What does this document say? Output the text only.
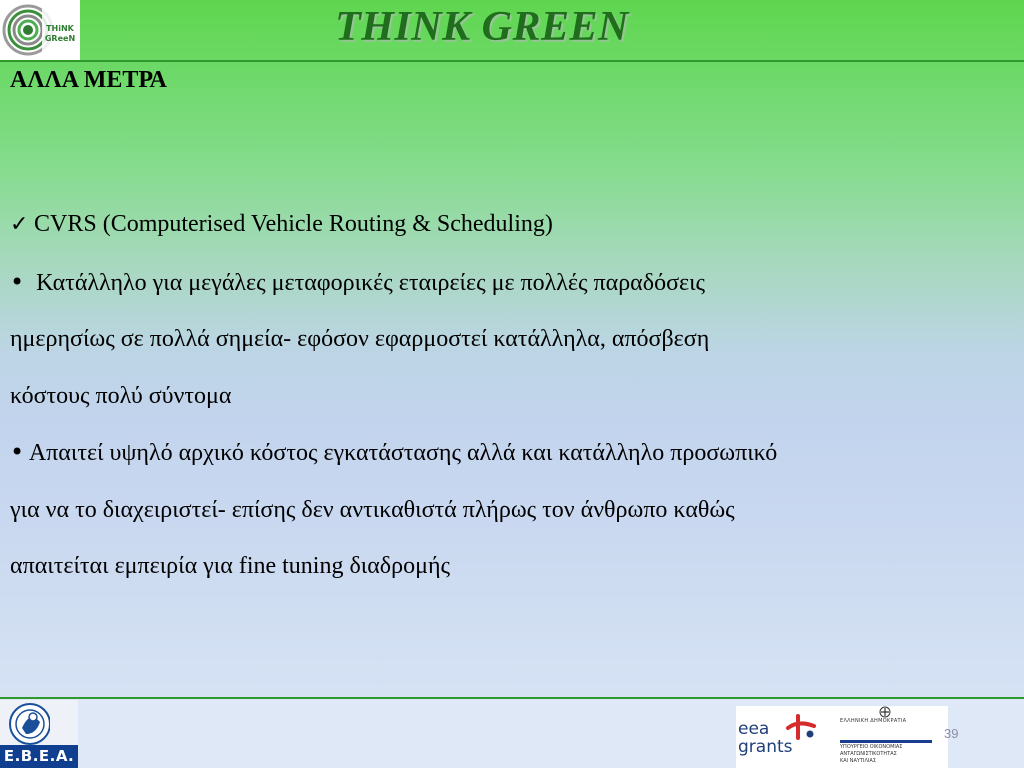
THiNK
GReeN	THINK GREEN
ΑΛΛΑ ΜΕΤΡΑ

✓ CVRS (Computerised Vehicle Routing & Scheduling)

• Κατάλληλο για μεγάλες μεταφορικές εταιρείες με πολλές παραδόσεις

ημερησίως σε πολλά σημεία- εφόσον εφαρμοστεί κατάλληλα, απόσβεση

κόστους πολύ σύντομα

• Απαιτεί υψηλό αρχικό κόστος εγκατάστασης αλλά και κατάλληλο προσωπικό

για να το διαχειριστεί- επίσης δεν αντικαθιστά πλήρως τον άνθρωπο καθώς

απαιτείται εμπειρία για fine tuning διαδρομής

Ε.Β.Ε.Α.
eea
grants
ΕΛΛΗΝΙΚΗ ΔΗΜΟΚΡΑΤΙΑ
ΥΠΟΥΡΓΕΙΟ ΟΙΚΟΝΟΜΙΑΣ
ΑΝΤΑΓΩΝΙΣΤΙΚΟΤΗΤΑΣ
ΚΑΙ ΝΑΥΤΙΛΙΑΣ
39
